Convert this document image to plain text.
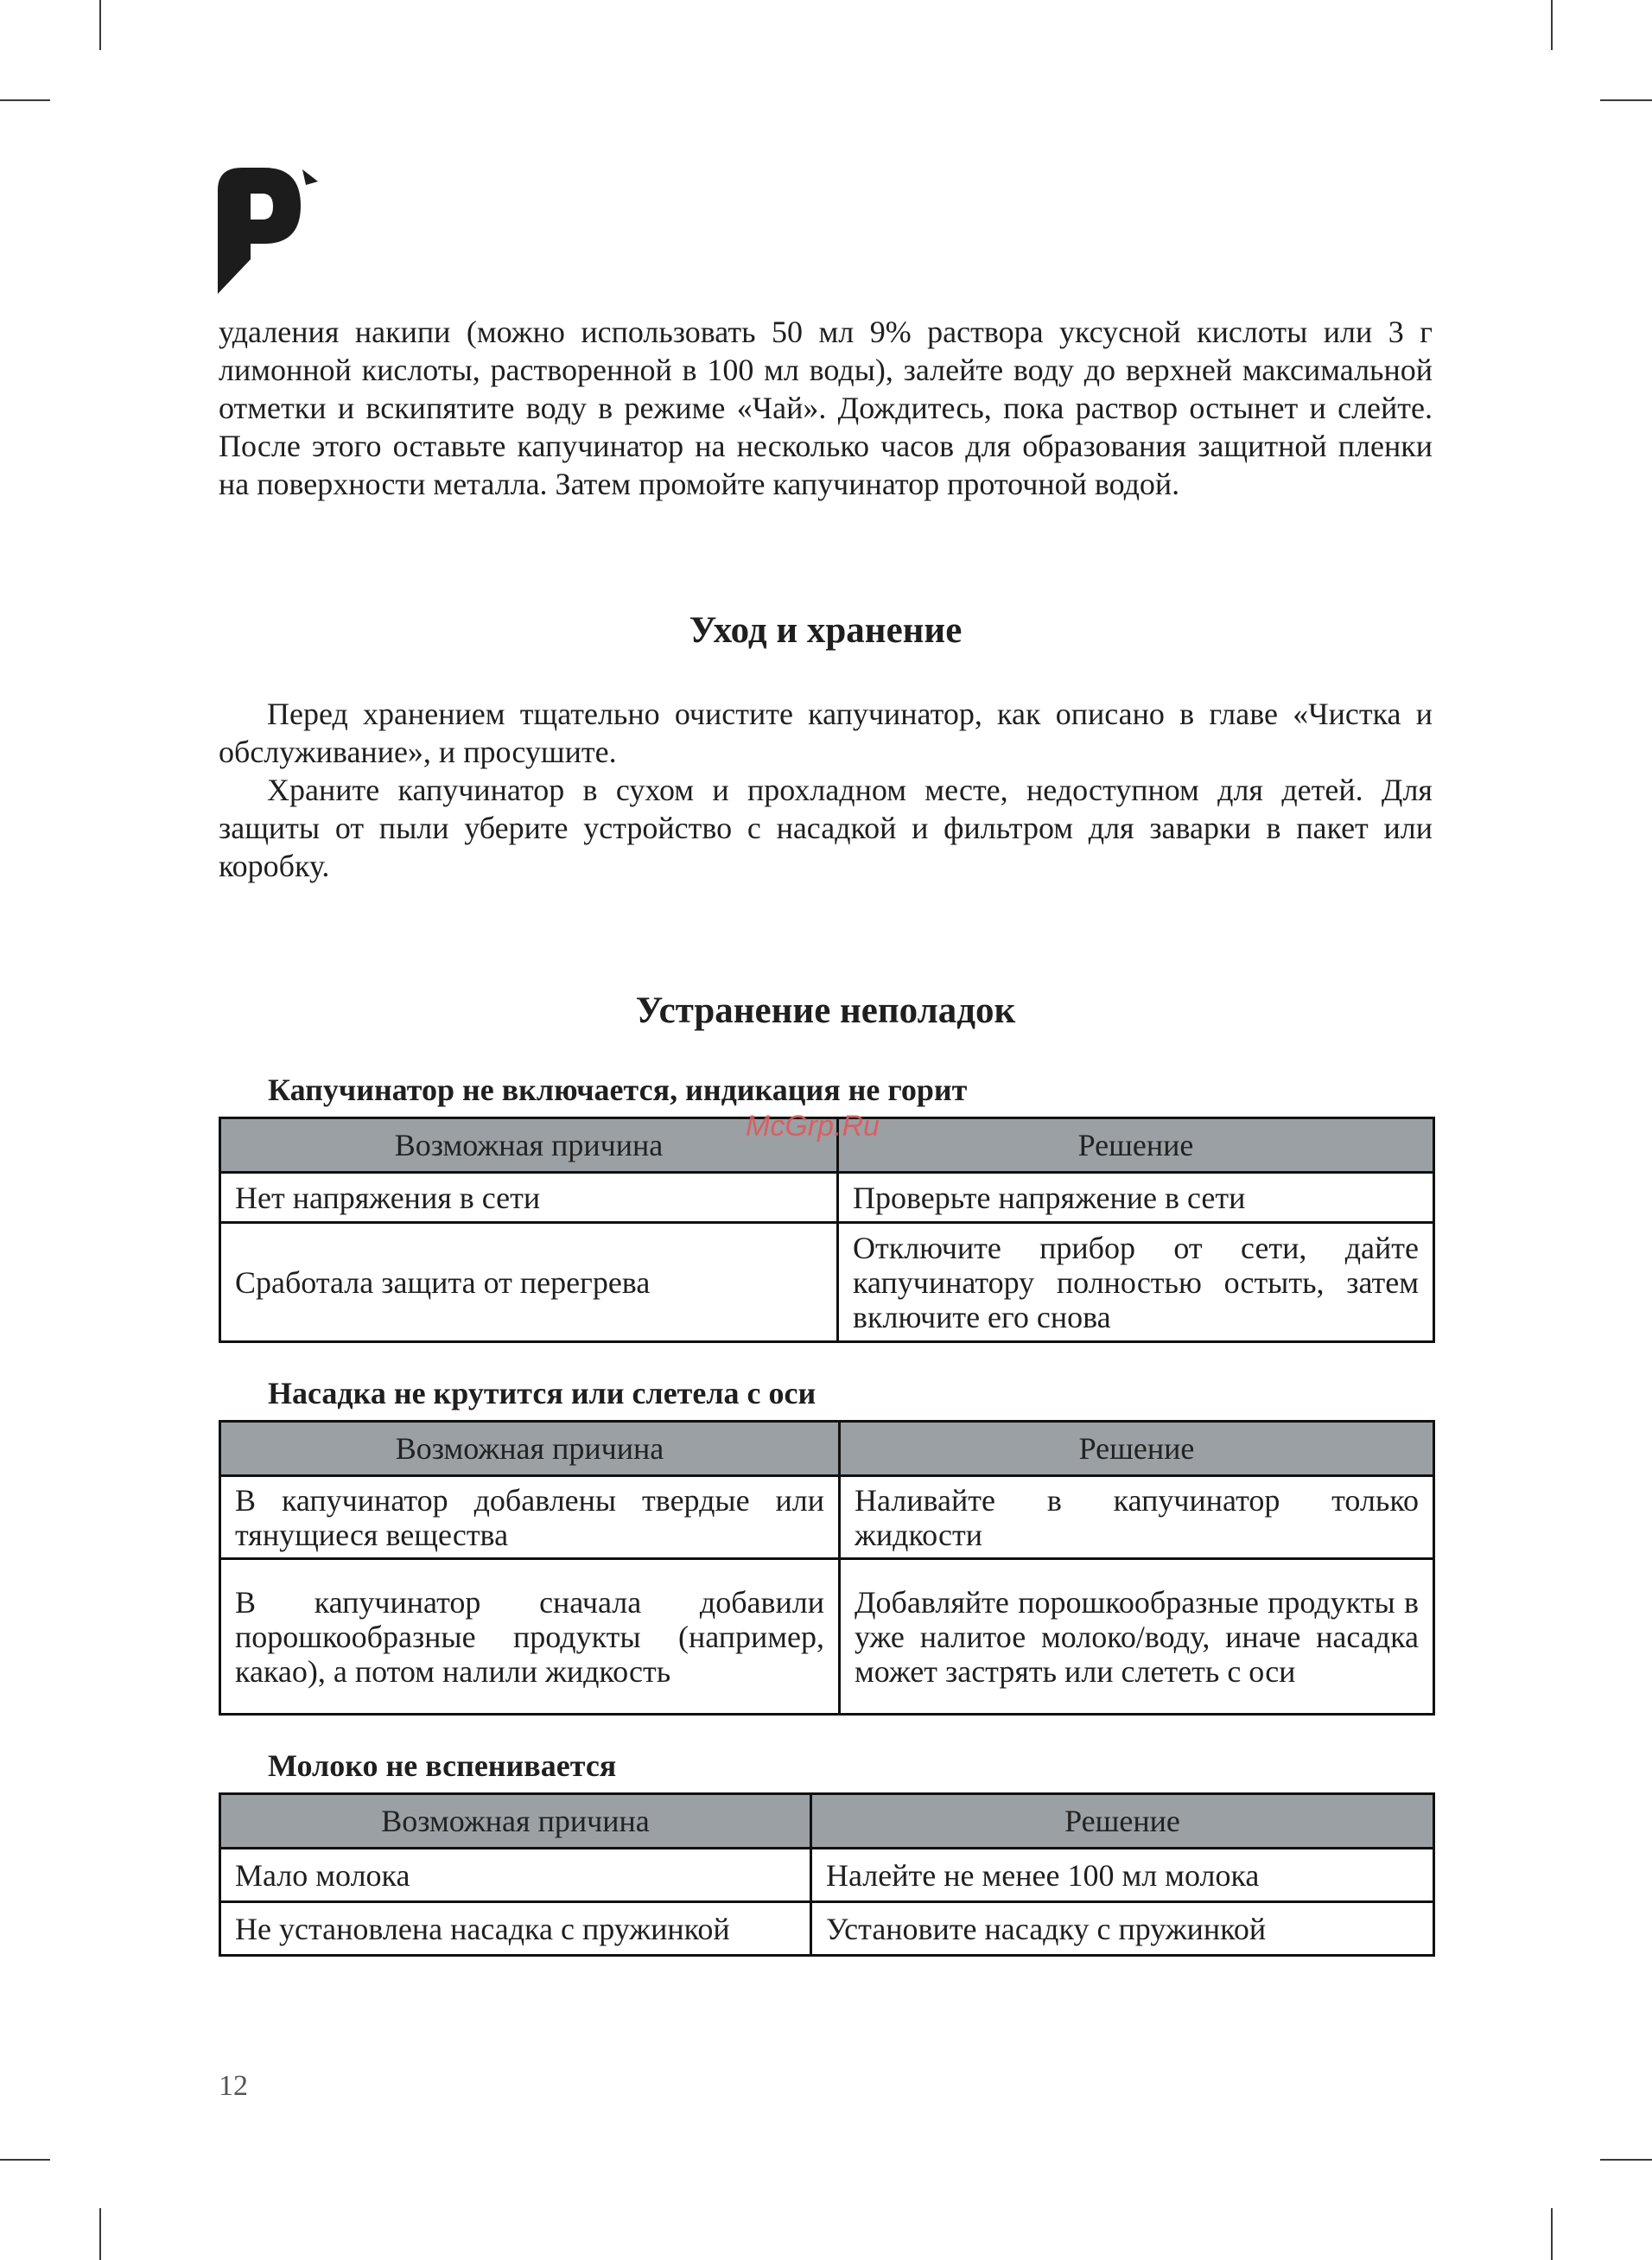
удаления накипи (можно использовать 50 мл 9% раствора уксусной кислоты или 3 г лимонной кислоты, растворенной в 100 мл воды), залейте воду до верхней максимальной отметки и вскипятите воду в режиме «Чай». Дождитесь, пока раствор остынет и слейте. После этого оставьте капучинатор на несколько часов для образования защитной пленки на поверхности металла. Затем промойте капучинатор проточной водой.

Уход и хранение

Перед хранением тщательно очистите капучинатор, как описано в главе «Чистка и обслуживание», и просушите.

Храните капучинатор в сухом и прохладном месте, недоступном для детей. Для защиты от пыли уберите устройство с насадкой и фильтром для заварки в пакет или коробку.

Устранение неполадок
Капучинатор не включается, индикация не горит
Возможная причина	Решение
Нет напряжения в сети	Проверьте напряжение в сети
Сработала защита от перегрева	Отключите прибор от сети, дайте капучинатору полностью остыть, затем включите его снова
McGrp.Ru
Насадка не крутится или слетела с оси
Возможная причина	Решение
В капучинатор добавлены твердые или тянущиеся вещества	Наливайте в капучинатор только жидкости
В капучинатор сначала добавили порошкообразные продукты (например, какао), а потом налили жидкость	Добавляйте порошкообразные продукты в уже налитое молоко/воду, иначе насадка может застрять или слететь с оси
Молоко не вспенивается
Возможная причина	Решение
Мало молока	Налейте не менее 100 мл молока
Не установлена насадка с пружинкой	Установите насадку с пружинкой
12
